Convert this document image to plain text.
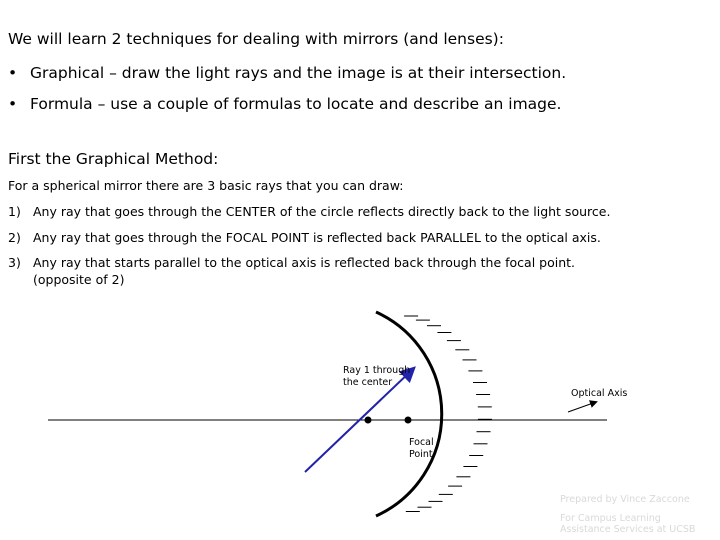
We will learn 2 techniques for dealing with mirrors (and lenses):
• Graphical – draw the light rays and the image is at their intersection.
• Formula – use a couple of formulas to locate and describe an image.
First the Graphical Method:
For a spherical mirror there are 3 basic rays that you can draw:
1) Any ray that goes through the CENTER of the circle reflects directly back to the light source.
2) Any ray that goes through the FOCAL POINT is reflected back PARALLEL to the optical axis.
3) Any ray that starts parallel to the optical axis is reflected back through the focal point.
(opposite of 2)
Ray 1 through
the center
Optical Axis
Focal
Point
Prepared by Vince Zaccone
For Campus Learning
Assistance Services at UCSB
